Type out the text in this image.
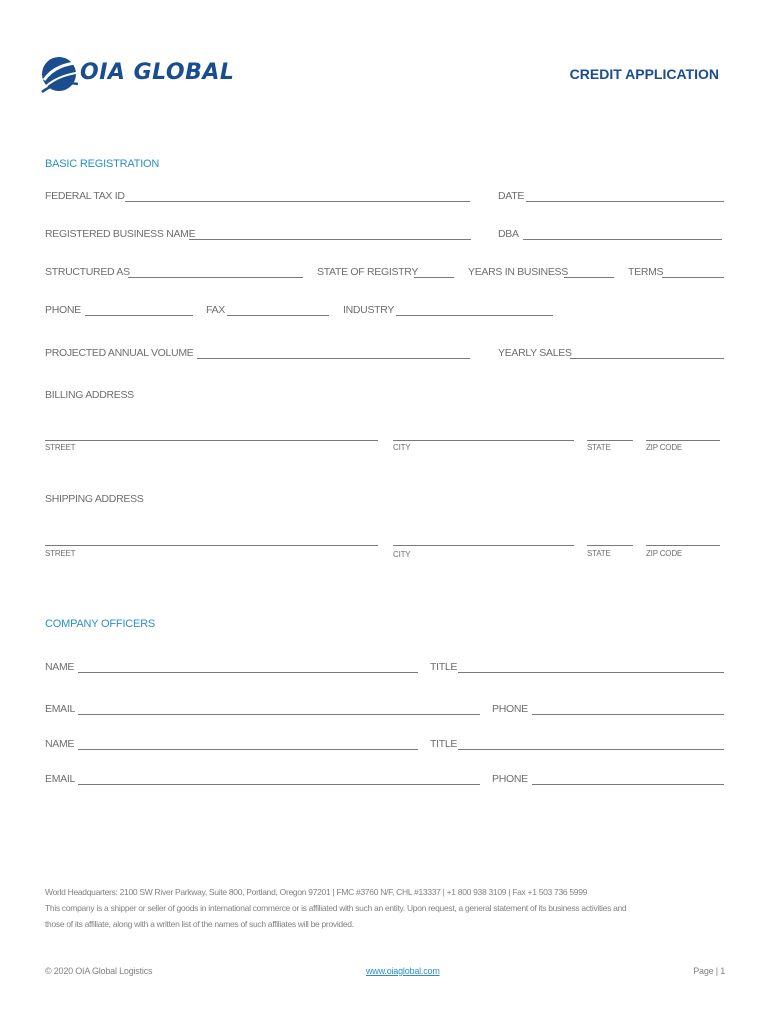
OIA GLOBAL	CREDIT APPLICATION
BASIC REGISTRATION
FEDERAL TAX ID	DATE
REGISTERED BUSINESS NAME	DBA
STRUCTURED AS	STATE OF REGISTRY	YEARS IN BUSINESS	TERMS
PHONE	FAX	INDUSTRY
PROJECTED ANNUAL VOLUME	YEARLY SALES
BILLING ADDRESS
STREET	CITY	STATE	ZIP CODE
SHIPPING ADDRESS
STREET	CITY	STATE	ZIP CODE
COMPANY OFFICERS
NAME	TITLE
EMAIL	PHONE
NAME	TITLE
EMAIL	PHONE
World Headquarters: 2100 SW River Parkway, Suite 800, Portland, Oregon 97201 | FMC #3760 N/F, CHL #13337 | +1 800 938 3109 | Fax +1 503 736 5999
This company is a shipper or seller of goods in international commerce or is affiliated with such an entity. Upon request, a general statement of its business activities and
those of its affiliate, along with a written list of the names of such affiliates will be provided.
© 2020 OIA Global Logistics	www.oiaglobal.com	Page | 1
